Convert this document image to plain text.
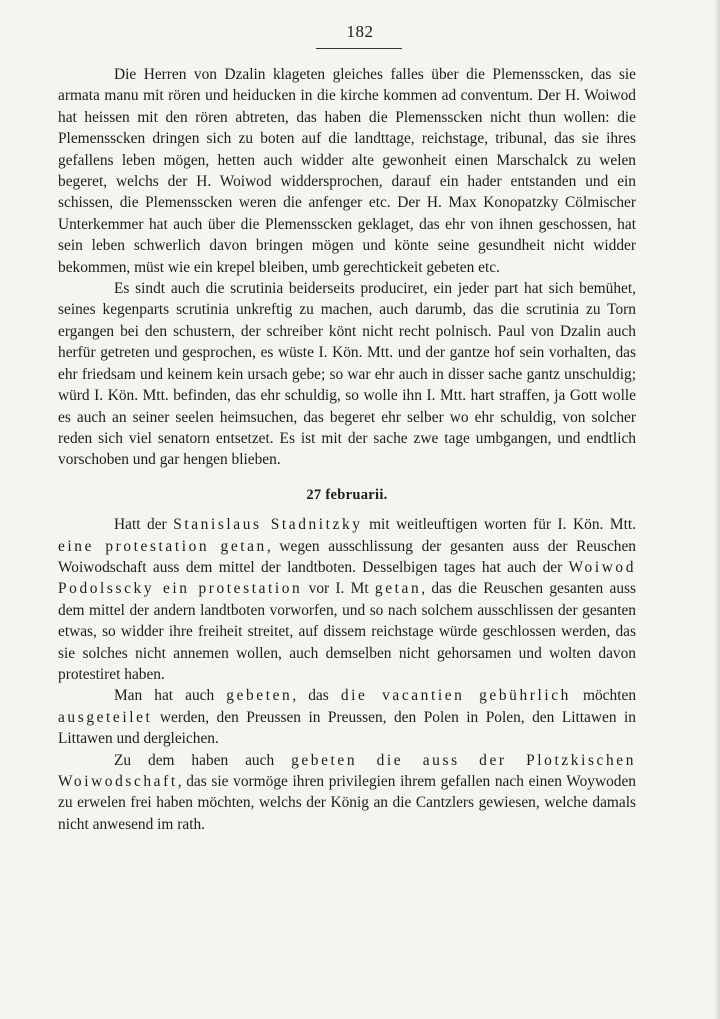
182

Die Herren von Dzalin klageten gleiches falles über die Plemensscken, das sie armata manu mit rören und heiducken in die kirche kommen ad conventum. Der H. Woiwod hat heissen mit den rören abtreten, das haben die Plemensscken nicht thun wollen: die Plemensscken dringen sich zu boten auf die landttage, reichstage, tribunal, das sie ihres gefallens leben mögen, hetten auch widder alte gewonheit einen Marschalck zu welen begeret, welchs der H. Woiwod widdersprochen, darauf ein hader entstanden und ein schissen, die Plemensscken weren die anfenger etc. Der H. Max Konopatzky Cölmischer Unterkemmer hat auch über die Plemensscken geklaget, das ehr von ihnen geschossen, hat sein leben schwerlich davon bringen mögen und könte seine gesundheit nicht widder bekommen, müst wie ein krepel bleiben, umb gerechtickeit gebeten etc.

Es sindt auch die scrutinia beiderseits produciret, ein jeder part hat sich bemühet, seines kegenparts scrutinia unkreftig zu machen, auch darumb, das die scrutinia zu Torn ergangen bei den schustern, der schreiber könt nicht recht polnisch. Paul von Dzalin auch herfür getreten und gesprochen, es wüste I. Kön. Mtt. und der gantze hof sein vorhalten, das ehr friedsam und keinem kein ursach gebe; so war ehr auch in disser sache gantz unschuldig; würd I. Kön. Mtt. befinden, das ehr schuldig, so wolle ihn I. Mtt. hart straffen, ja Gott wolle es auch an seiner seelen heimsuchen, das begeret ehr selber wo ehr schuldig, von solcher reden sich viel senatorn entsetzet. Es ist mit der sache zwe tage umbgangen, und endtlich vorschoben und gar hengen blieben.

27 februarii.

Hatt der Stanislaus Stadnitzky mit weitleuftigen worten für I. Kön. Mtt. eine protestation getan, wegen ausschlissung der gesanten auss der Reuschen Woiwodschaft auss dem mittel der landtboten. Desselbigen tages hat auch der Woiwod Podolsscky ein protestation vor I. Mt getan, das die Reuschen gesanten auss dem mittel der andern landtboten vorworfen, und so nach solchem ausschlissen der gesanten etwas, so widder ihre freiheit streitet, auf dissem reichstage würde geschlossen werden, das sie solches nicht annemen wollen, auch demselben nicht gehorsamen und wolten davon protestiret haben.

Man hat auch gebeten, das die vacantien gebührlich möchten ausgeteilet werden, den Preussen in Preussen, den Polen in Polen, den Littawen in Littawen und dergleichen.

Zu dem haben auch gebeten die auss der Plotzkischen Woiwodschaft, das sie vormöge ihren privilegien ihrem gefallen nach einen Woywoden zu erwelen frei haben möchten, welchs der König an die Cantzlers gewiesen, welche damals nicht anwesend im rath.
